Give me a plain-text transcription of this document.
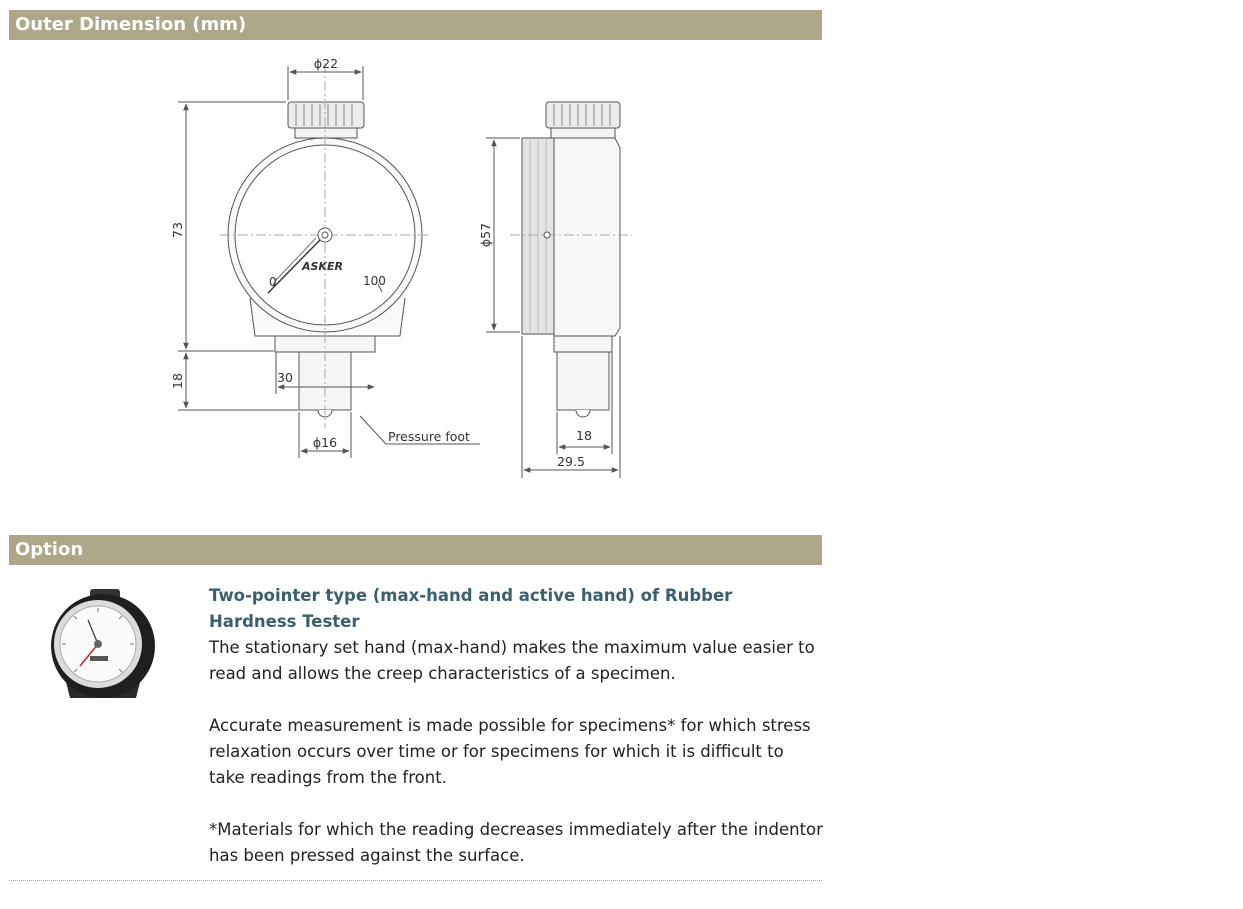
Outer Dimension (mm)
ϕ22
73
18	30
ϕ16	Pressure foot
0	100
ASKER
ϕ57
18
29.5
Option

Two-pointer type (max-hand and active hand) of Rubber Hardness Tester

The stationary set hand (max-hand) makes the maximum value easier to read and allows the creep characteristics of a specimen.

Accurate measurement is made possible for specimens* for which stress relaxation occurs over time or for specimens for which it is difficult to take readings from the front.

*Materials for which the reading decreases immediately after the indentor has been pressed against the surface.
